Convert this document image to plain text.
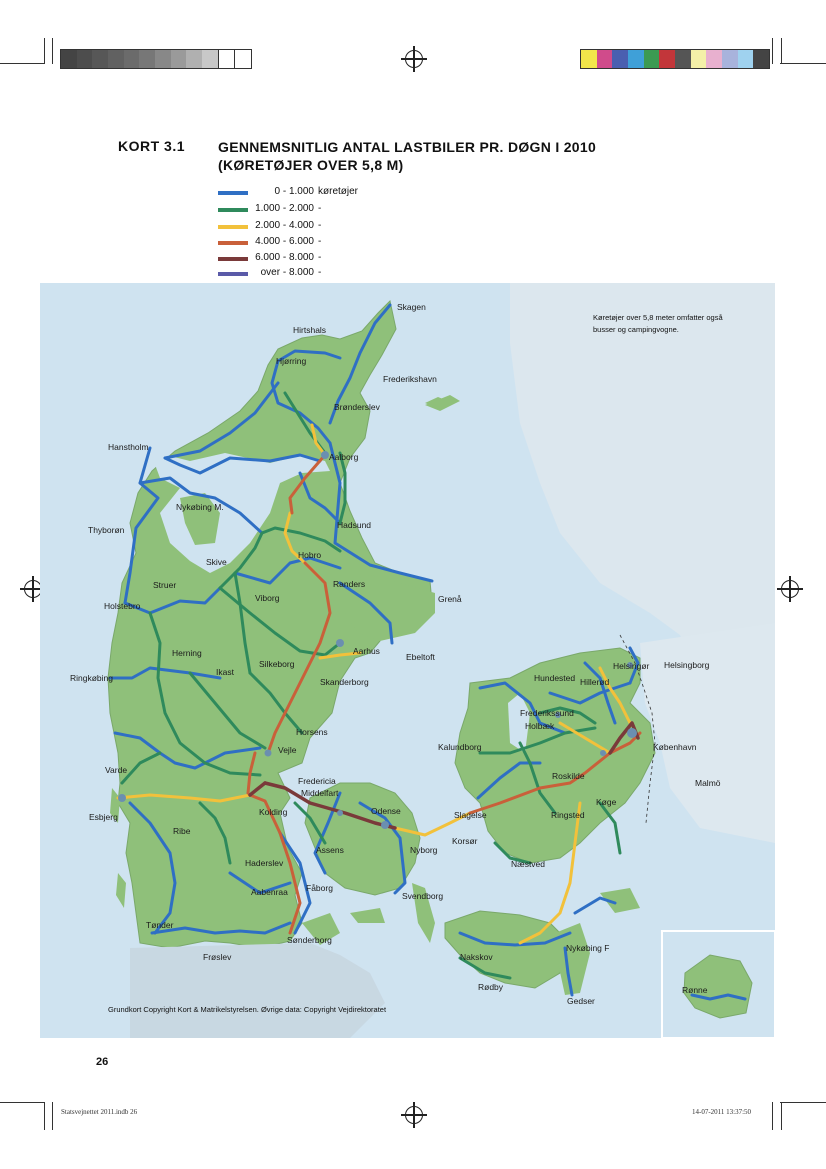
KORT 3.1 GENNEMSNITLIG ANTAL LASTBILER PR. DØGN I 2010
(KØRETØJER OVER 5,8 M)
0 - 1.000 køretøjer
1.000 - 2.000 -
2.000 - 4.000 -
4.000 - 6.000 -
6.000 - 8.000 -
over - 8.000 -
Køretøjer over 5,8 meter omfatter også
busser og campingvogne.
Skagen
Hirtshals
Hjørring
Frederikshavn
Brønderslev
Hanstholm
Aalborg
Nykøbing M.
Thyborøn	Hadsund
Hobro
Skive
Struer	Randers
Holstebro
Viborg	Grenå
Herning
Silkeborg
Aarhus
Ebeltoft
Ikast
Ringkøbing	Skanderborg
Horsens
Vejle
Varde
Fredericia
Middelfart
Esbjerg	Kolding	Odense
Ribe
Assens	Nyborg
Haderslev
Aabenraa Fåborg
Svendborg
Tønder
Sønderborg
Frøslev
Hundested Hillerød
Helsingør Helsingborg
Frederikssund
Holbæk
Kalundborg	København
Roskilde
Malmö
Køge
Slagelse	Ringsted
Korsør
Næstved
Nakskov
Nykøbing F
Rødby
Gedser
Rønne
Grundkort Copyright Kort & Matrikelstyrelsen. Øvrige data: Copyright Vejdirektoratet
26
Statsvejnettet 2011.indb 26	14-07-2011 13:37:50
